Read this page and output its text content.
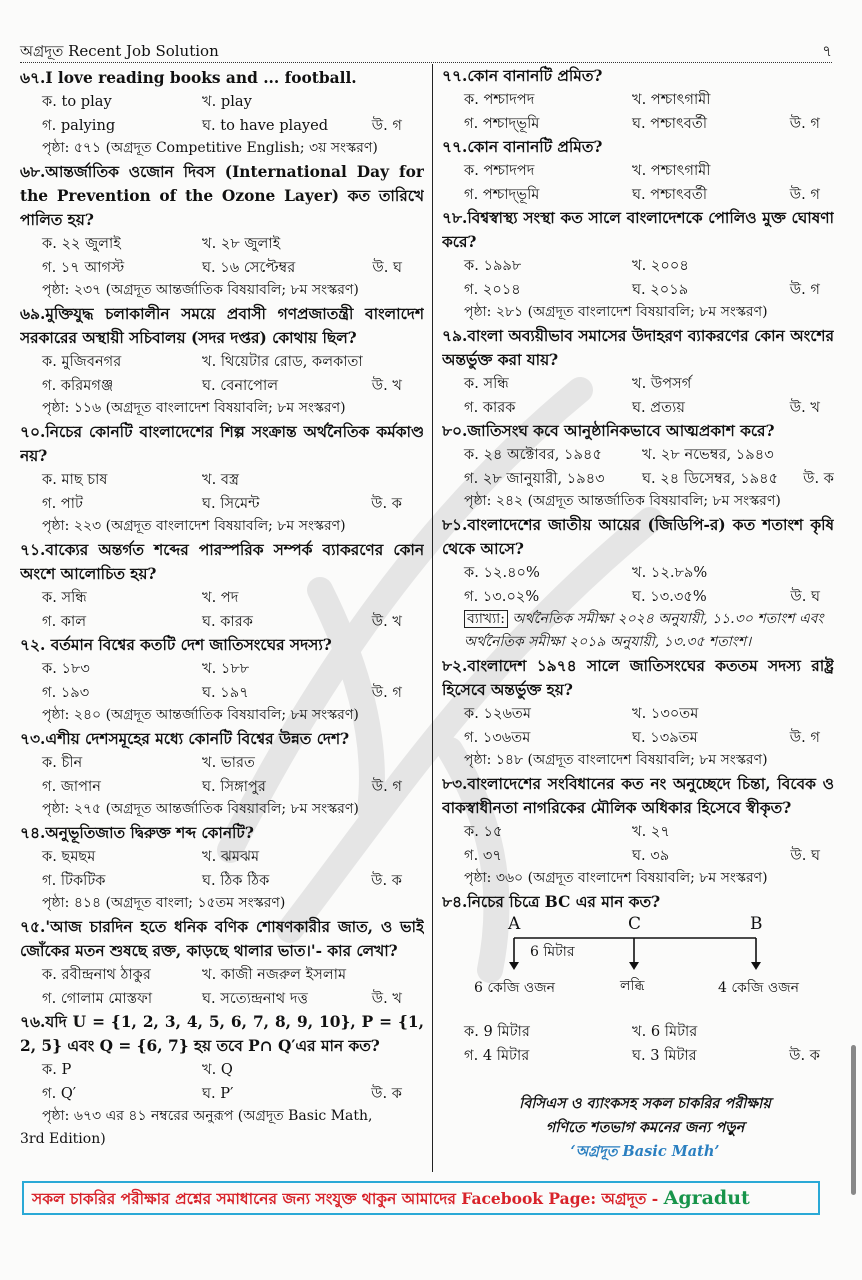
অগ্রদূত Recent Job Solution	৭
৬৭.I love reading books and ... football.
ক. to play	খ. play
গ. palying	ঘ. to have played	উ. গ
পৃষ্ঠা: ৫৭১ (অগ্রদূত Competitive English; ৩য় সংস্করণ)
৬৮.আন্তর্জাতিক ওজোন দিবস (International Day for the Prevention of the Ozone Layer) কত তারিখে পালিত হয়?
ক. ২২ জুলাই	খ. ২৮ জুলাই
গ. ১৭ আগস্ট	ঘ. ১৬ সেপ্টেম্বর	উ. ঘ
পৃষ্ঠা: ২৩৭ (অগ্রদূত আন্তর্জাতিক বিষয়াবলি; ৮ম সংস্করণ)
৬৯.মুক্তিযুদ্ধ চলাকালীন সময়ে প্রবাসী গণপ্রজাতন্ত্রী বাংলাদেশ সরকারের অস্থায়ী সচিবালয় (সদর দপ্তর) কোথায় ছিল?
ক. মুজিবনগর	খ. থিয়েটার রোড, কলকাতা
গ. করিমগঞ্জ	ঘ. বেনাপোল	উ. খ
পৃষ্ঠা: ১১৬ (অগ্রদূত বাংলাদেশ বিষয়াবলি; ৮ম সংস্করণ)
৭০.নিচের কোনটি বাংলাদেশের শিল্প সংক্রান্ত অর্থনৈতিক কর্মকাণ্ড নয়?
ক. মাছ চাষ	খ. বস্ত্র
গ. পাট	ঘ. সিমেন্ট	উ. ক
পৃষ্ঠা: ২২৩ (অগ্রদূত বাংলাদেশ বিষয়াবলি; ৮ম সংস্করণ)
৭১.বাক্যের অন্তর্গত শব্দের পারস্পরিক সম্পর্ক ব্যাকরণের কোন অংশে আলোচিত হয়?
ক. সন্ধি	খ. পদ
গ. কাল	ঘ. কারক	উ. খ
৭২. বর্তমান বিশ্বের কতটি দেশ জাতিসংঘের সদস্য?
ক. ১৮৩	খ. ১৮৮
গ. ১৯৩	ঘ. ১৯৭	উ. গ
পৃষ্ঠা: ২৪০ (অগ্রদূত আন্তর্জাতিক বিষয়াবলি; ৮ম সংস্করণ)
৭৩.এশীয় দেশসমূহের মধ্যে কোনটি বিশ্বের উন্নত দেশ?
ক. চীন	খ. ভারত
গ. জাপান	ঘ. সিঙ্গাপুর	উ. গ
পৃষ্ঠা: ২৭৫ (অগ্রদূত আন্তর্জাতিক বিষয়াবলি; ৮ম সংস্করণ)
৭৪.অনুভূতিজাত দ্বিরুক্ত শব্দ কোনটি?
ক. ছমছম	খ. ঝমঝম
গ. টিকটিক	ঘ. ঠিক ঠিক	উ. ক
পৃষ্ঠা: ৪১৪ (অগ্রদূত বাংলা; ১৫তম সংস্করণ)
৭৫.'আজ চারদিন হতে ধনিক বণিক শোষণকারীর জাত, ও ভাই জোঁকের মতন শুষছে রক্ত, কাড়ছে থালার ভাত।'- কার লেখা?
ক. রবীন্দ্রনাথ ঠাকুর	খ. কাজী নজরুল ইসলাম
গ. গোলাম মোস্তফা	ঘ. সত্যেন্দ্রনাথ দত্ত	উ. খ
৭৬.যদি U = {1, 2, 3, 4, 5, 6, 7, 8, 9, 10}, P = {1, 2, 5} এবং Q = {6, 7} হয় তবে P∩ Q′এর মান কত?
ক. P	খ. Q
গ. Q′	ঘ. P′	উ. ক
পৃষ্ঠা: ৬৭৩ এর ৪১ নম্বরের অনুরূপ (অগ্রদূত Basic Math,
3rd Edition)
৭৭.কোন বানানটি প্রমিত?
ক. পশ্চাদপদ	খ. পশ্চাৎগামী
গ. পশ্চাদ্‌ভূমি	ঘ. পশ্চাৎবর্তী	উ. গ
৭৭.কোন বানানটি প্রমিত?
ক. পশ্চাদপদ	খ. পশ্চাৎগামী
গ. পশ্চাদ্‌ভূমি	ঘ. পশ্চাৎবর্তী	উ. গ
৭৮.বিশ্বস্বাস্থ্য সংস্থা কত সালে বাংলাদেশকে পোলিও মুক্ত ঘোষণা করে?
ক. ১৯৯৮	খ. ২০০৪
গ. ২০১৪	ঘ. ২০১৯	উ. গ
পৃষ্ঠা: ২৮১ (অগ্রদূত বাংলাদেশ বিষয়াবলি; ৮ম সংস্করণ)
৭৯.বাংলা অব্যয়ীভাব সমাসের উদাহরণ ব্যাকরণের কোন অংশের অন্তর্ভুক্ত করা যায়?
ক. সন্ধি	খ. উপসর্গ
গ. কারক	ঘ. প্রত্যয়	উ. খ
৮০.জাতিসংঘ কবে আনুষ্ঠানিকভাবে আত্মপ্রকাশ করে?
ক. ২৪ অক্টোবর, ১৯৪৫	খ. ২৮ নভেম্বর, ১৯৪৩
গ. ২৮ জানুয়ারী, ১৯৪৩	ঘ. ২৪ ডিসেম্বর, ১৯৪৫ উ. ক
পৃষ্ঠা: ২৪২ (অগ্রদূত আন্তর্জাতিক বিষয়াবলি; ৮ম সংস্করণ)
৮১.বাংলাদেশের জাতীয় আয়ের (জিডিপি-র) কত শতাংশ কৃষি থেকে আসে?
ক. ১২.৪০%	খ. ১২.৮৯%
গ. ১৩.০২%	ঘ. ১৩.৩৫%	উ. ঘ
ব্যাখ্যা: অর্থনৈতিক সমীক্ষা ২০২৪ অনুযায়ী, ১১.৩০ শতাংশ এবং অর্থনৈতিক সমীক্ষা ২০১৯ অনুযায়ী, ১৩.৩৫ শতাংশ।
৮২.বাংলাদেশ ১৯৭৪ সালে জাতিসংঘের কততম সদস্য রাষ্ট্র হিসেবে অন্তর্ভুক্ত হয়?
ক. ১২৬তম	খ. ১৩০তম
গ. ১৩৬তম	ঘ. ১৩৯তম	উ. গ
পৃষ্ঠা: ১৪৮ (অগ্রদূত বাংলাদেশ বিষয়াবলি; ৮ম সংস্করণ)
৮৩.বাংলাদেশের সংবিধানের কত নং অনুচ্ছেদে চিন্তা, বিবেক ও বাকস্বাধীনতা নাগরিকের মৌলিক অধিকার হিসেবে স্বীকৃত?
ক. ১৫	খ. ২৭
গ. ৩৭	ঘ. ৩৯	উ. ঘ
পৃষ্ঠা: ৩৬০ (অগ্রদূত বাংলাদেশ বিষয়াবলি; ৮ম সংস্করণ)
৮৪.নিচের চিত্রে BC এর মান কত?
A	C	B
6 মিটার
6 কেজি ওজন	লব্ধি	4 কেজি ওজন
ক. 9 মিটার	খ. 6 মিটার
গ. 4 মিটার	ঘ. 3 মিটার	উ. ক
বিসিএস ও ব্যাংকসহ সকল চাকরির পরীক্ষায়
গণিতে শতভাগ কমনের জন্য পড়ুন
‘অগ্রদূত Basic Math’
সকল চাকরির পরীক্ষার প্রশ্নের সমাধানের জন্য সংযুক্ত থাকুন আমাদের Facebook Page: অগ্রদূত - Agradut
